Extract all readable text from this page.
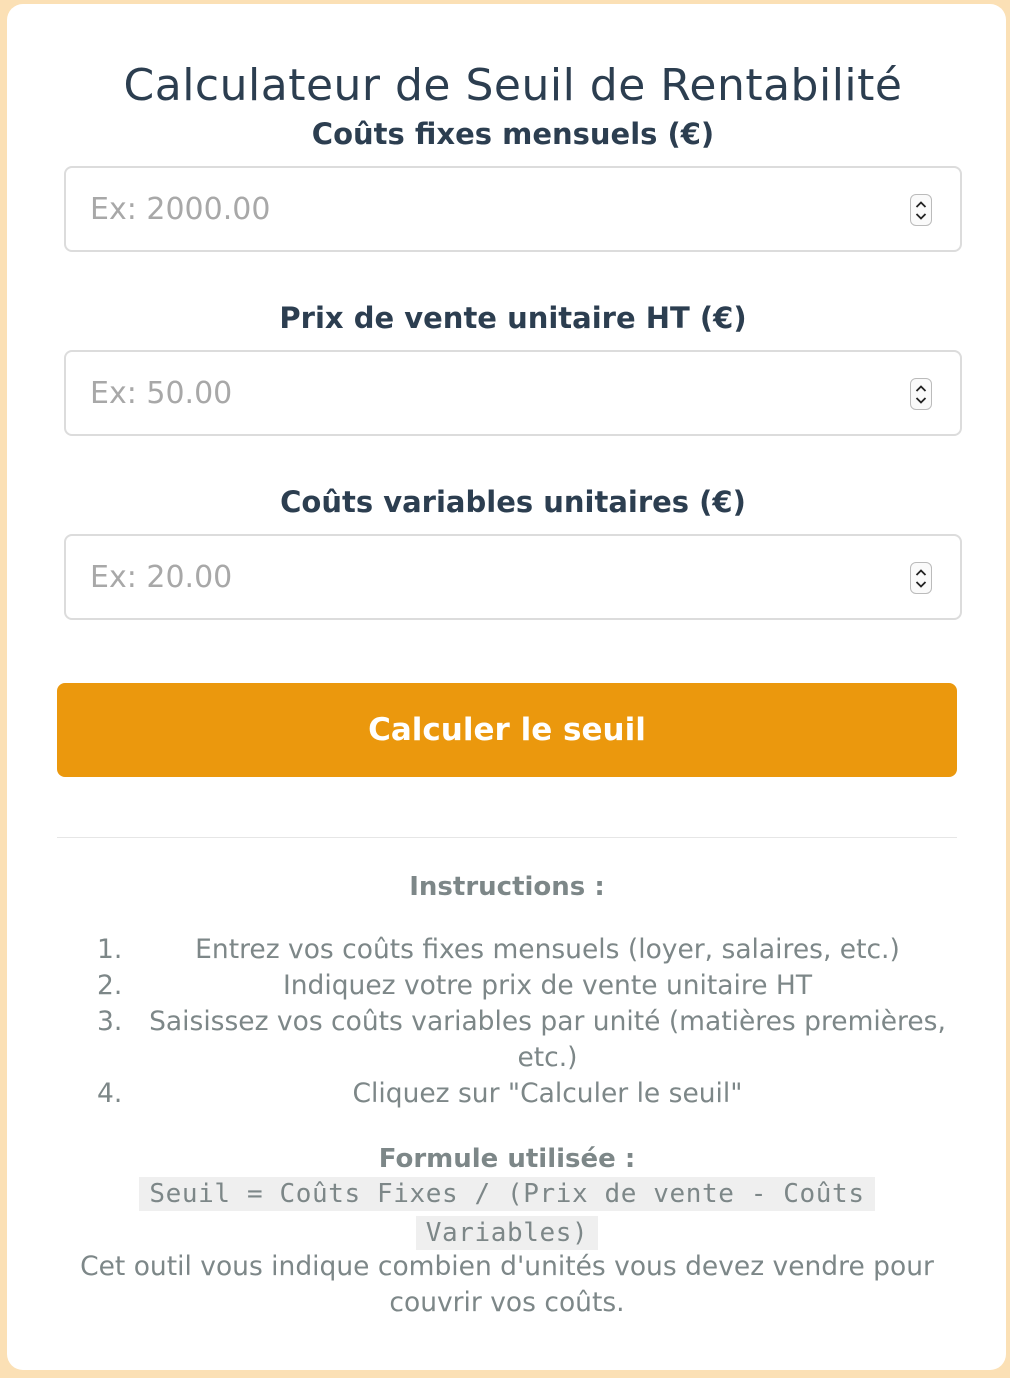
Calculateur de Seuil de Rentabilité
Coûts fixes mensuels (€)
Ex: 2000.00
Prix de vente unitaire HT (€)
Ex: 50.00
Coûts variables unitaires (€)
Ex: 20.00
Calculer le seuil
Instructions :
1.	Entrez vos coûts fixes mensuels (loyer, salaires, etc.)
2.	Indiquez votre prix de vente unitaire HT
3. Saisissez vos coûts variables par unité (matières premières, etc.)
4.	Cliquez sur "Calculer le seuil"
Formule utilisée :
Seuil = Coûts Fixes / (Prix de vente - Coûts Variables)
Cet outil vous indique combien d'unités vous devez vendre pour couvrir vos coûts.
